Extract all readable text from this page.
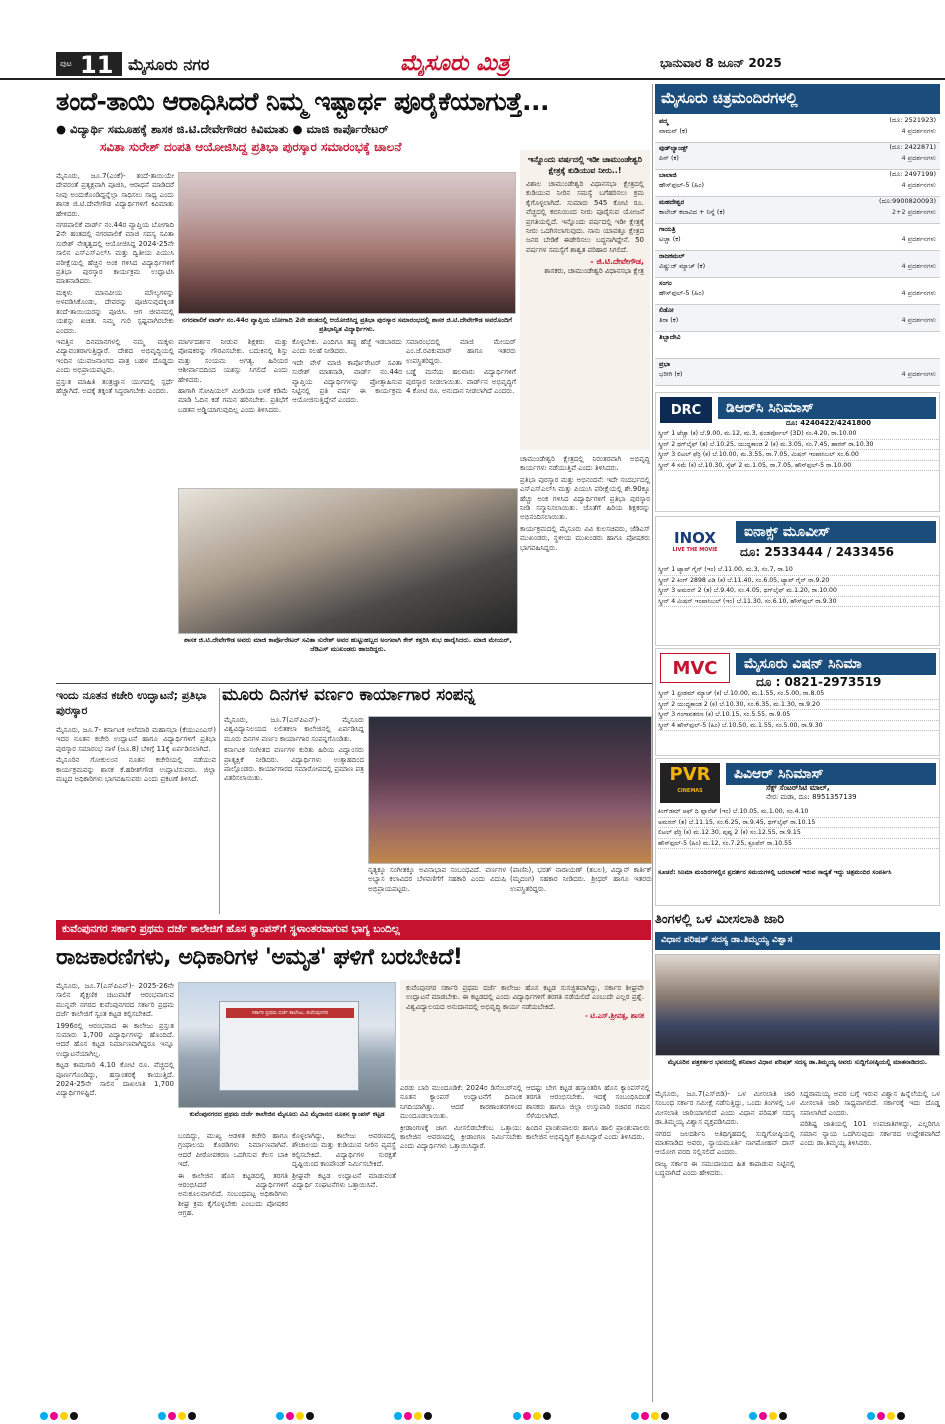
ಪುಟ 11 ಮೈಸೂರು ನಗರ	ಮೈಸೂರು ಮಿತ್ರ	ಭಾನುವಾರ 8 ಜೂನ್ 2025
ತಂದೆ-ತಾಯಿ ಆರಾಧಿಸಿದರೆ ನಿಮ್ಮ ಇಷ್ಟಾರ್ಥ ಪೂರೈಕೆಯಾಗುತ್ತೆ...
● ವಿದ್ಯಾರ್ಥಿ ಸಮೂಹಕ್ಕೆ ಶಾಸಕ ಜಿ.ಟಿ.ದೇವೇಗೌಡರ ಕಿವಿಮಾತು ● ಮಾಜಿ ಕಾರ್ಪೊರೇಟರ್
ಸವಿತಾ ಸುರೇಶ್ ದಂಪತಿ ಆಯೋಜಿಸಿದ್ದ ಪ್ರತಿಭಾ ಪುರಸ್ಕಾರ ಸಮಾರಂಭಕ್ಕೆ ಚಾಲನೆ

ಮೈಸೂರು, ಜೂ.7(ಎಂಕೆ)- ತಂದೆ-ತಾಯಿಯೇ ದೇವರಂತೆ ಪ್ರತ್ಯಕ್ಷವಾಗಿ ಪೂಜಿಸಿ, ಆರಾಧನೆ ಮಾಡಿದರೆ ನೀವು ಅಂದುಕೊಂಡಿದ್ದನ್ನೆಲ್ಲಾ ಸಾಧಿಸಲು ಸಾಧ್ಯ ಎಂದು ಶಾಸಕ ಜಿ.ಟಿ.ದೇವೇಗೌಡ ವಿದ್ಯಾರ್ಥಿಗಳಿಗೆ ಕಿವಿಮಾತು ಹೇಳಿದರು.

ನಗರಪಾಲಿಕೆ ವಾರ್ಡ್ ನಂ.44ರ ವ್ಯಾಪ್ತಿಯ ಬೋಗಾದಿ 2ನೇ ಹಂತದಲ್ಲಿ ನಗರಪಾಲಿಕೆ ಮಾಜಿ ಸದಸ್ಯ ಸವಿತಾ ಸುರೇಶ್ ನೇತೃತ್ವದಲ್ಲಿ ಆಯೋಜಿಸಿದ್ದ 2024-25ನೇ ಸಾಲಿನ ಎಸ್ಎಸ್ಎಲ್‌ಸಿ ಮತ್ತು ದ್ವಿತೀಯ ಪಿಯುಸಿ ಪರೀಕ್ಷೆಯಲ್ಲಿ ಹೆಚ್ಚಿನ ಅಂಕ ಗಳಿಸಿದ ವಿದ್ಯಾರ್ಥಿಗಳಿಗೆ ಪ್ರತಿಭಾ ಪುರಸ್ಕಾರ ಕಾರ್ಯಕ್ರಮ ಉದ್ಘಾಟಿಸಿ ಮಾತನಾಡಿದರು.

ಮಕ್ಕಳು ಮಾನವೀಯ ಮೌಲ್ಯಗಳನ್ನು ಅಳವಡಿಸಿಕೊಂಡು, ದೇವರನ್ನು ಪೂಜಿಸುವುದಕ್ಕಿಂತ ತಂದೆ-ತಾಯಿಯರನ್ನು ಪೂಜಿಸಿ. ಆಗ ಜೀವನದಲ್ಲಿ ಯಶಸ್ಸು ಖಚಿತ. ನಿಮ್ಮ ಗುರಿ ಸ್ಪಷ್ಟವಾಗಿರಬೇಕು ಎಂದರು.

ಇವತ್ತಿನ ದಿನಮಾನಗಳಲ್ಲಿ ನಮ್ಮ ಮಕ್ಕಳು ವಿದ್ಯಾವಂತರಾಗುತ್ತಿದ್ದಾರೆ. ದೇಶದ ಅಭಿವೃದ್ಧಿಯಲ್ಲಿ ಇಂದಿನ ಯುವಜನಾಂಗದ ಪಾತ್ರ ಬಹಳ ದೊಡ್ಡದು ಎಂದು ಅಭಿಪ್ರಾಯಪಟ್ಟರು.

ಪ್ರಸ್ತುತ ಮಾಹಿತಿ ತಂತ್ರಜ್ಞಾನ ಯುಗದಲ್ಲಿ ಸ್ಪರ್ಧೆ ಹೆಚ್ಚಾಗಿದೆ. ಅದಕ್ಕೆ ತಕ್ಕಂತೆ ಸಿದ್ಧರಾಗಬೇಕು ಎಂದರು.

ನಗರಪಾಲಿಕೆ ವಾರ್ಡ್ ನಂ.44ರ ವ್ಯಾಪ್ತಿಯ ಬೋಗಾದಿ 2ನೇ ಹಂತದಲ್ಲಿ ಆಯೋಜಿಸಿದ್ದ ಪ್ರತಿಭಾ ಪುರಸ್ಕಾರ ಸಮಾರಂಭದಲ್ಲಿ ಶಾಸಕ ಜಿ.ಟಿ.ದೇವೇಗೌಡ ಅವರೊಂದಿಗೆ ಪ್ರತಿಭಾನ್ವಿತ ವಿದ್ಯಾರ್ಥಿಗಳು.

ಮಾರ್ಗದರ್ಶನ ನೀಡುವ ಶಿಕ್ಷಕರು ಮತ್ತು ಪೋಷಕರನ್ನು ಗೌರವಿಸಬೇಕು. ಬದುಕಿನಲ್ಲಿ ಶಿಸ್ತು ಮತ್ತು ಸಂಯಮ ಅಗತ್ಯ. ಹಿರಿಯರ ಆಶೀರ್ವಾದದಿಂದ ಯಶಸ್ಸು ಸಿಗಲಿದೆ ಎಂದು ಹೇಳಿದರು.

ಹಾಗಾಗಿ ಸೋಷಿಯಲ್ ಮೀಡಿಯಾ ಬಳಕೆ ಕಡಿಮೆ ಮಾಡಿ ಓದಿನ ಕಡೆ ಗಮನ ಹರಿಸಬೇಕು. ಪ್ರತಿಭೆಗೆ ಬಡತನ ಅಡ್ಡಿಯಾಗುವುದಿಲ್ಲ ಎಂದು ತಿಳಿಸಿದರು.

ಕೊಳ್ಳಬೇಕು. ಎಂದಿಗೂ ತಪ್ಪು ಹೆಜ್ಜೆ ಇಡಬಾರದು ಎಂದು ಸಲಹೆ ನೀಡಿದರು.

ಇದೇ ವೇಳೆ ಮಾಜಿ ಕಾರ್ಪೊರೇಟರ್ ಸವಿತಾ ಸುರೇಶ್ ಮಾತನಾಡಿ, ವಾರ್ಡ್ ನಂ.44ರ ವ್ಯಾಪ್ತಿಯ ವಿದ್ಯಾರ್ಥಿಗಳನ್ನು ಪ್ರೋತ್ಸಾಹಿಸುವ ನಿಟ್ಟಿನಲ್ಲಿ ಪ್ರತಿ ವರ್ಷ ಈ ಕಾರ್ಯಕ್ರಮ ಆಯೋಜಿಸುತ್ತಿದ್ದೇವೆ ಎಂದರು.

ಸಮಾರಂಭದಲ್ಲಿ ಮಾಜಿ ಮೇಯರ್ ಎಂ.ಜೆ.ರವಿಕುಮಾರ್ ಹಾಗೂ ಇತರರು ಉಪಸ್ಥಿತರಿದ್ದರು.

ಬಡ್ಡೆ ಮನೆಯ ಹಲವಾರು ವಿದ್ಯಾರ್ಥಿಗಳಿಗೆ ಪುರಸ್ಕಾರ ನೀಡಲಾಯಿತು. ವಾರ್ಡ್‌ನ ಅಭಿವೃದ್ಧಿಗೆ 4 ಕೋಟಿ ರೂ. ಅನುದಾನ ನೀಡಲಾಗಿದೆ ಎಂದರು.

ಇನ್ನೊಂದು ವರ್ಷದಲ್ಲಿ ಇಡೀ ಚಾಮುಂಡೇಶ್ವರಿ ಕ್ಷೇತ್ರಕ್ಕೆ ಕುಡಿಯುವ ನೀರು..!
ವಿಶಾಲ ಚಾಮುಂಡೇಶ್ವರಿ ವಿಧಾನಸಭಾ ಕ್ಷೇತ್ರದಲ್ಲಿ ಕುಡಿಯುವ ನೀರಿನ ಸಮಸ್ಯೆ ಬಗೆಹರಿಸಲು ಕ್ರಮ ಕೈಗೊಳ್ಳಲಾಗಿದೆ. ಸುಮಾರು 545 ಕೋಟಿ ರೂ. ವೆಚ್ಚದಲ್ಲಿ ಕಬಿನಿಯಿಂದ ನೀರು ಪೂರೈಸುವ ಯೋಜನೆ ಪ್ರಗತಿಯಲ್ಲಿದೆ. ಇನ್ನೊಂದು ವರ್ಷದಲ್ಲಿ ಇಡೀ ಕ್ಷೇತ್ರಕ್ಕೆ ನೀರು ಒದಗಿಸಲಾಗುವುದು. ನಾನು ಯಾವತ್ತೂ ಕ್ಷೇತ್ರದ ಜನರ ಬೇಡಿಕೆ ಈಡೇರಿಸಲು ಬದ್ಧನಾಗಿದ್ದೇನೆ. 50 ವರ್ಷಗಳ ಸಮಸ್ಯೆಗೆ ಶಾಶ್ವತ ಪರಿಹಾರ ಸಿಗಲಿದೆ.
- ಜಿ.ಟಿ.ದೇವೇಗೌಡ,
ಶಾಸಕರು, ಚಾಮುಂಡೇಶ್ವರಿ ವಿಧಾನಸಭಾ ಕ್ಷೇತ್ರ

ಚಾಮುಂಡೇಶ್ವರಿ ಕ್ಷೇತ್ರದಲ್ಲಿ ನಿರಂತರವಾಗಿ ಅಭಿವೃದ್ಧಿ ಕಾರ್ಯಗಳು ನಡೆಯುತ್ತಿವೆ ಎಂದು ತಿಳಿಸಿದರು.

ಪ್ರತಿಭಾ ಪುರಸ್ಕಾರ ಮತ್ತು ಅಭಿನಂದನೆ: ಇದೇ ಸಂದರ್ಭದಲ್ಲಿ ಎಸ್ಎಸ್ಎಲ್‌ಸಿ ಮತ್ತು ಪಿಯುಸಿ ಪರೀಕ್ಷೆಯಲ್ಲಿ ಶೇ.90ಕ್ಕೂ ಹೆಚ್ಚು ಅಂಕ ಗಳಿಸಿದ ವಿದ್ಯಾರ್ಥಿಗಳಿಗೆ ಪ್ರತಿಭಾ ಪುರಸ್ಕಾರ ನೀಡಿ ಸನ್ಮಾನಿಸಲಾಯಿತು. ಜೊತೆಗೆ ಹಿರಿಯ ಶಿಕ್ಷಕರನ್ನು ಅಭಿನಂದಿಸಲಾಯಿತು.

ಕಾರ್ಯಕ್ರಮದಲ್ಲಿ ಮೈಸೂರು ವಿವಿ ಕುಲಸಚಿವರು, ಜೆಡಿಎಸ್ ಮುಖಂಡರು, ಸ್ಥಳೀಯ ಮುಖಂಡರು ಹಾಗೂ ಪೋಷಕರು ಭಾಗವಹಿಸಿದ್ದರು.

ಶಾಸಕ ಜಿ.ಟಿ.ದೇವೇಗೌಡ ಅವರು ಮಾಜಿ ಕಾರ್ಪೊರೇಟರ್ ಸವಿತಾ ಸುರೇಶ್ ಅವರ ಹುಟ್ಟುಹಬ್ಬದ ಅಂಗವಾಗಿ ಕೇಕ್ ಕತ್ತರಿಸಿ ಶುಭ ಹಾರೈಸಿದರು. ಮಾಜಿ ಮೇಯರ್, ಜೆಡಿಎಸ್ ಮುಖಂಡರು ಹಾಜರಿದ್ದರು.
ಇಂದು ನೂತನ ಕಚೇರಿ ಉದ್ಘಾಟನೆ; ಪ್ರತಿಭಾ ಪುರಸ್ಕಾರ

ಮೈಸೂರು, ಜೂ.7- ಕರ್ನಾಟಕ ಅಲೆಮಾರಿ ಮಹಾಸಭಾ (ಕೆಯುಎಂಎಸ್) ಇದರ ನೂತನ ಕಚೇರಿ ಉದ್ಘಾಟನೆ ಹಾಗೂ ವಿದ್ಯಾರ್ಥಿಗಳಿಗೆ ಪ್ರತಿಭಾ ಪುರಸ್ಕಾರ ಸಮಾರಂಭ ನಾಳೆ (ಜೂ.8) ಬೆಳಿಗ್ಗೆ 11ಕ್ಕೆ ಏರ್ಪಡಿಸಲಾಗಿದೆ.

ಮೈಸೂರಿನ ಗೋಕುಲಂನ ನೂತನ ಕಚೇರಿಯಲ್ಲಿ ನಡೆಯುವ ಕಾರ್ಯಕ್ರಮವನ್ನು ಶಾಸಕ ಕೆ.ಹರೀಶ್‌ಗೌಡ ಉದ್ಘಾಟಿಸುವರು. ಜಿಲ್ಲಾ ಮಟ್ಟದ ಅಧಿಕಾರಿಗಳು ಭಾಗವಹಿಸುವರು ಎಂದು ಪ್ರಕಟಣೆ ತಿಳಿಸಿದೆ.

ಮೂರು ದಿನಗಳ ವರ್ಣಂ ಕಾರ್ಯಾಗಾರ ಸಂಪನ್ನ

ಮೈಸೂರು, ಜೂ.7(ಎಸ್‌ಪಿಎನ್)- ಮೈಸೂರು ವಿಶ್ವವಿದ್ಯಾನಿಲಯದ ಲಲಿತಕಲಾ ಕಾಲೇಜಿನಲ್ಲಿ ಏರ್ಪಡಿಸಿದ್ದ ಮೂರು ದಿನಗಳ ವರ್ಣಂ ಕಾರ್ಯಾಗಾರ ಸಂಪನ್ನಗೊಂಡಿತು.

ಕರ್ನಾಟಕ ಸಂಗೀತದ ವರ್ಣಗಳ ಕುರಿತು ಹಿರಿಯ ವಿದ್ವಾಂಸರು ಪ್ರಾತ್ಯಕ್ಷಿಕೆ ನೀಡಿದರು. ವಿದ್ಯಾರ್ಥಿಗಳು ಉತ್ಸಾಹದಿಂದ ಪಾಲ್ಗೊಂಡರು. ಕಾರ್ಯಾಗಾರದ ಸಮಾರೋಪದಲ್ಲಿ ಪ್ರಮಾಣ ಪತ್ರ ವಿತರಿಸಲಾಯಿತು.

ನೃತ್ಯಕ್ಕೂ ಸಂಗೀತಕ್ಕೂ ಅವಿನಾಭಾವ ಸಂಬಂಧವಿದೆ. ವರ್ಣಗಳ ಅಭ್ಯಾಸ ಕಲಾವಿದರ ಬೆಳವಣಿಗೆಗೆ ಸಹಕಾರಿ ಎಂದು ವಿದುಷಿ ಅಭಿಪ್ರಾಯಪಟ್ಟರು.

(ಪಾಣಿನಿ), ಭರತ್ ನಾರಾಯಣ್ (ತಬಲ), ವಿದ್ವಾನ್ ಕಾರ್ತಿಕ್ (ಮೃದಂಗ) ಸಹಕಾರ ನೀಡಿದರು. ಶ್ರೀಧರ್ ಹಾಗೂ ಇತರರು ಉಪಸ್ಥಿತರಿದ್ದರು.

ಕುವೆಂಪುನಗರ ಸರ್ಕಾರಿ ಪ್ರಥಮ ದರ್ಜೆ ಕಾಲೇಜಿಗೆ ಹೊಸ ಕ್ಯಾಂಪಸ್‌ಗೆ ಸ್ಥಳಾಂತರವಾಗುವ ಭಾಗ್ಯ ಬಂದಿಲ್ಲ
ರಾಜಕಾರಣಿಗಳು, ಅಧಿಕಾರಿಗಳ 'ಅಮೃತ' ಘಳಿಗೆ ಬರಬೇಕಿದೆ!

ಮೈಸೂರು, ಜೂ.7(ಎಸ್‌ಪಿಎನ್)- 2025-26ನೇ ಸಾಲಿನ ಶೈಕ್ಷಣಿಕ ಚಟುವಟಿಕೆ ಆರಂಭವಾಗುವ ಮುನ್ನವೇ ನಗರದ ಕುವೆಂಪುನಗರದ ಸರ್ಕಾರಿ ಪ್ರಥಮ ದರ್ಜೆ ಕಾಲೇಜಿಗೆ ಸ್ವಂತ ಕಟ್ಟಡ ಕಲ್ಪಿಸಬೇಕಿದೆ.

1996ರಲ್ಲಿ ಆರಂಭವಾದ ಈ ಕಾಲೇಜು ಪ್ರಸ್ತುತ ಸುಮಾರು 1,700 ವಿದ್ಯಾರ್ಥಿಗಳನ್ನು ಹೊಂದಿದೆ. ಆದರೆ ಹೊಸ ಕಟ್ಟಡ ನಿರ್ಮಾಣವಾಗಿದ್ದರೂ ಇನ್ನೂ ಉದ್ಘಾಟನೆಯಾಗಿಲ್ಲ.

ಕಟ್ಟಡ ಕಾಮಗಾರಿ 4.10 ಕೋಟಿ ರೂ. ವೆಚ್ಚದಲ್ಲಿ ಪೂರ್ಣಗೊಂಡಿದ್ದು, ಹಸ್ತಾಂತರಕ್ಕೆ ಕಾಯುತ್ತಿದೆ. 2024-25ನೇ ಸಾಲಿನ ದಾಖಲಾತಿ 1,700 ವಿದ್ಯಾರ್ಥಿಗಳಷ್ಟಿದೆ.

ಸರ್ಕಾರಿ ಪ್ರಥಮ ದರ್ಜೆ ಕಾಲೇಜು, ಕುವೆಂಪುನಗರ
ಕುವೆಂಪುನಗರದ ಪ್ರಥಮ ದರ್ಜೆ ಕಾಲೇಜಿನ ಮೈಸೂರು ವಿವಿ ಮೈದಾನದ ನೂತನ ಕ್ಯಾಂಪಸ್ ಕಟ್ಟಡ
ಕುವೆಂಪುನಗರ ಸರ್ಕಾರಿ ಪ್ರಥಮ ದರ್ಜೆ ಕಾಲೇಜು ಹೊಸ ಕಟ್ಟಡ ಸುಸಜ್ಜಿತವಾಗಿದ್ದು, ಸರ್ಕಾರ ಶೀಘ್ರವೇ ಉದ್ಘಾಟನೆ ಮಾಡಬೇಕು. ಈ ಕಟ್ಟಡದಲ್ಲಿ ಎಂದು ವಿದ್ಯಾರ್ಥಿಗಳಿಗೆ ತರಗತಿ ನಡೆಯಲಿದೆ ಎಂಬುದೇ ಎಲ್ಲರ ಪ್ರಶ್ನೆ. ವಿಶ್ವವಿದ್ಯಾಲಯದ ಅನುದಾನದಲ್ಲಿ ಅಭಿವೃದ್ಧಿ ಕಾರ್ಯ ನಡೆಯಬೇಕಿದೆ.
- ಟಿ.ಎಸ್.ಶ್ರೀವತ್ಸ, ಶಾಸಕ

ಬಂದಿದ್ದು, ಮುಖ್ಯ ಆಡಳಿತ ಕಚೇರಿ ಹಾಗೂ ಗ್ರಂಥಾಲಯ ಕೊಠಡಿಗಳು ನಿರ್ಮಾಣವಾಗಿವೆ. ಆದರೆ ಪೀಠೋಪಕರಣ ಒದಗಿಸುವ ಕೆಲಸ ಬಾಕಿ ಇದೆ.

ಈ ಕಾಲೇಜಿನ ಹೊಸ ಕಟ್ಟಡದಲ್ಲಿ ತರಗತಿ ಆರಂಭಿಸಿದರೆ ವಿದ್ಯಾರ್ಥಿಗಳಿಗೆ ಅನುಕೂಲವಾಗಲಿದೆ. ಸಂಬಂಧಪಟ್ಟ ಅಧಿಕಾರಿಗಳು ಶೀಘ್ರ ಕ್ರಮ ಕೈಗೊಳ್ಳಬೇಕು ಎಂಬುದು ಪೋಷಕರ ಆಗ್ರಹ.

ಕೊಳ್ಳಲಾಗಿದ್ದು, ಕಾಲೇಜು ಆವರಣದಲ್ಲಿ ಶೌಚಾಲಯ ಮತ್ತು ಕುಡಿಯುವ ನೀರಿನ ವ್ಯವಸ್ಥೆ ಕಲ್ಪಿಸಬೇಕಿದೆ. ವಿದ್ಯಾರ್ಥಿಗಳ ಸುರಕ್ಷತೆ ದೃಷ್ಟಿಯಿಂದ ಕಾಂಪೌಂಡ್ ನಿರ್ಮಿಸಬೇಕಿದೆ.

ಶ್ರೀಘ್ರವೇ ಕಟ್ಟಡ ಉದ್ಘಾಟನೆ ಮಾಡುವಂತೆ ವಿದ್ಯಾರ್ಥಿ ಸಂಘಟನೆಗಳು ಒತ್ತಾಯಿಸಿವೆ.

ಎರಡು ಬಾರಿ ಮುಂದೂಡಿಕೆ: 2024ರ ಡಿಸೆಂಬರ್‌ನಲ್ಲಿ ನೂತನ ಕ್ಯಾಂಪಸ್ ಉದ್ಘಾಟನೆಗೆ ದಿನಾಂಕ ನಿಗದಿಯಾಗಿತ್ತು. ಆದರೆ ಕಾರಣಾಂತರಗಳಿಂದ ಮುಂದೂಡಲಾಯಿತು.

ಕ್ರೀಡಾಂಗಣಕ್ಕೆ ಜಾಗ ಮೀಸಲಿಡಬೇಕೆಂಬ ಒತ್ತಾಯ: ಕಾಲೇಜಿನ ಆವರಣದಲ್ಲಿ ಕ್ರೀಡಾಂಗಣ ನಿರ್ಮಿಸಬೇಕು ಎಂದು ವಿದ್ಯಾರ್ಥಿಗಳು ಒತ್ತಾಯಿಸಿದ್ದಾರೆ.

ಆದಷ್ಟು ಬೇಗ ಕಟ್ಟಡ ಹಸ್ತಾಂತರಿಸಿ ಹೊಸ ಕ್ಯಾಂಪಸ್‌ನಲ್ಲಿ ತರಗತಿ ಆರಂಭಿಸಬೇಕು. ಇದಕ್ಕೆ ಸಂಬಂಧಿಸಿದಂತೆ ಶಾಸಕರು ಹಾಗೂ ಜಿಲ್ಲಾ ಉಸ್ತುವಾರಿ ಸಚಿವರ ಗಮನ ಸೆಳೆಯಲಾಗಿದೆ.

ಹಿಂದಿನ ಪ್ರಾಂಶುಪಾಲರು ಹಾಗೂ ಹಾಲಿ ಪ್ರಾಂಶುಪಾಲರು ಕಾಲೇಜಿನ ಅಭಿವೃದ್ಧಿಗೆ ಶ್ರಮಿಸಿದ್ದಾರೆ ಎಂದು ತಿಳಿಸಿದರು.

ಮೈಸೂರು ಚಿತ್ರಮಂದಿರಗಳಲ್ಲಿ
ಪದ್ಮ	(ದೂ: 2521923)
ವಾಮನ್ (ಕ)	4 ಪ್ರದರ್ಶನಗಳು
ವುಡ್‌ಲ್ಯಾಂಡ್ಸ್	(ದೂ: 2422871)
ಪಿನ್ (ಕ)	4 ಪ್ರದರ್ಶನಗಳು
ಬಾಲಾಜಿ	(ದೂ: 2497199)
ಹೌಸ್‌ಫುಲ್-5 (ಹಿಂ)	4 ಪ್ರದರ್ಶನಗಳು
ಮಹದೇಶ್ವರ	(ದೂ:9900820093)
ಕಾಲೇಜ್ ಕಲಾವಿದ + ನಿನ್ನೆ (ಕ)	2+2 ಪ್ರದರ್ಶನಗಳು
ಗಾಯತ್ರಿ
ಟಚ್ಚಾ (ಕ)	4 ಪ್ರದರ್ಶನಗಳು
ರಾಜಕಮಲ್
ವಿಷ್ಣುಜ್ ಮ್ಯಾಚ್ (ಕ)	4 ಪ್ರದರ್ಶನಗಳು
ಸಂಗಂ
ಹೌಸ್‌ಫುಲ್-5 (ಹಿಂ)	4 ಪ್ರದರ್ಶನಗಳು
ಲಿಡೋ
ತಿರಾ (ಕ)	4 ಪ್ರದರ್ಶನಗಳು
ತಿಬ್ಬಾದೇವಿ
ಪ್ರಭಾ
ಭರೀಗಿ (ಕ)	4 ಪ್ರದರ್ಶನಗಳು
DRC	ಡಿಆರ್‌ಸಿ ಸಿನಿಮಾಸ್
ದೂ: 4240422/4241800
ಸ್ಕ್ರೀನ್ 1 ಟೆಚ್ಚಾ (ಕ) ಬೆ.9.00, ಮ.12, ಮ.3, ಫಂಡರ್ಪೋಲ್ (3D) ಸಂ.4.20, ರಾ.10.00
ಸ್ಕ್ರೀನ್ 2 ಥಗ್‌ಲೈಫ್ (ತ) ಬೆ.10.25, ಯುದ್ಧಕಾಂಡ 2 (ಕ) ಮ.3.05, ಸಂ.7.45, ಹಾರರ್ ರಾ.10.30
ಸ್ಕ್ರೀನ್ 3 ಲಿಟಲ್ ಫೆರ್ರಿ (ಕ) ಬೆ.10.00, ಮ.3.55, ರಾ.7.05, ಮಿಷನ್ ಇಂಪಾಸಿಬಲ್ ಸಂ.6.00
ಸ್ಕ್ರೀನ್ 4 ಸಮೆ (ಕ) ಬೆ.10.30, ಸ್ಕೆಟ್ 2 ಮ.1.05, ರಾ.7.05, ಹೌಸ್‌ಫುಲ್-5 ರಾ.10.00
INOX
LIVE THE MOVIE
ಐನಾಕ್ಸ್ ಮೂವೀಸ್
ದೂ: 2533444 / 2433456
ಸ್ಕ್ರೀನ್ 1 ಟ್ಯಾಪ್ ಗೈನ್ (ಇಂ) ಬೆ.11.00, ಮ.3, ಸಂ.7, ರಾ.10
ಸ್ಕ್ರೀನ್ 2 ಕಿಂಗ್ 2898 ಎಡಿ (ಕ) ಬೆ.11.40, ಸಂ.6.05, ಟ್ಯಾಪ್ ಗೈನ್ ರಾ.9.20
ಸ್ಕ್ರೀನ್ 3 ಅಮರನ್ 2 (ತ) ಬೆ.9.40, ಸಂ.4.05, ಥಗ್‌ಲೈಫ್ ಮ.1.20, ರಾ.10.00
ಸ್ಕ್ರೀನ್ 4 ಮಿಷನ್ ಇಂಪಾಸಿಬಲ್ (ಇಂ) ಬೆ.11.30, ಸಂ.6.10, ಹೌಸ್‌ಫುಲ್ ರಾ.9.30
MVC	ಮೈಸೂರು ವಿಷನ್ ಸಿನಿಮಾ
ದೂ : 0821-2973519
ಸ್ಕ್ರೀನ್ 1 ಫ್ರೀಡಮ್ ಮ್ಯಾಚ್ (ಕ) ಬೆ.10.00, ಮ.1.55, ಸಂ.5.00, ರಾ.8.05
ಸ್ಕ್ರೀನ್ 2 ಯುದ್ಧಕಾಂಡ 2 (ಕ) ಬೆ.10.30, ಸಂ.6.35, ಮ.1.30, ರಾ.9.20
ಸ್ಕ್ರೀನ್ 3 ಗಂಗಾವತರಣ (ಕ) ಬೆ.10.15, ಸಂ.5.55, ರಾ.9.05
ಸ್ಕ್ರೀನ್ 4 ಹೌಸ್‌ಫುಲ್-5 (ಹಿಂ) ಬೆ.10.50, ಮ.1.55, ಸಂ.5.00, ರಾ.9.30
PVR
CINEMAS
ಪಿವಿಆರ್ ಸಿನಿಮಾಸ್
ಸೆಕ್ಸ್ ಸೆಂಟರ್‌ಸಿಟಿ ಮಾಲ್,
ನೇರ: ಮಡಾ, ದೂ: 8951357139
ಕಿಂಗ್‌ಡಮ್ ಆಫ್ ದಿ ಪ್ಲಾನೆಟ್ (ಇಂ) ಬೆ.10.05, ಮ.1.00, ಸಂ.4.10
ಅಮರನ್ (ತ) ಬೆ.11.15, ಸಂ.6.25, ರಾ.9.45, ಥಗ್‌ಲೈಫ್ ರಾ.10.15
ಲಿಟಲ್ ಫೆರ್ರಿ (ಕ) ಮ.12.30, ಪುಷ್ಪ 2 (ಕ) ಸಂ.12.55, ರಾ.9.15
ಹೌಸ್‌ಫುಲ್-5 (ಹಿಂ) ಮ.12, ಸಂ.7.25, ಕ್ರೂಪೆನ್ ರಾ.10.55
ಸೂಚನೆ: ಸಿನಿಮಾ ಮಂದಿರಗಳಲ್ಲಿನ ಪ್ರದರ್ಶನ ಸಮಯಗಳಲ್ಲಿ ಬದಲಾವಣೆ ಇರುವ ಸಾಧ್ಯತೆ ಇದ್ದು ಚಿತ್ರಮಂದಿರ ಸಂಪರ್ಕಿಸಿ
ತಿಂಗಳಲ್ಲಿ ಒಳ ಮೀಸಲಾತಿ ಜಾರಿ
ವಿಧಾನ ಪರಿಷತ್ ಸದಸ್ಯ ಡಾ.ತಿಮ್ಮಯ್ಯ ವಿಶ್ವಾಸ
ಮೈಸೂರಿನ ಪತ್ರಕರ್ತರ ಭವನದಲ್ಲಿ ಶನಿವಾರ ವಿಧಾನ ಪರಿಷತ್ ಸದಸ್ಯ ಡಾ.ತಿಮ್ಮಯ್ಯ ಅವರು ಸುದ್ದಿಗೋಷ್ಠಿಯಲ್ಲಿ ಮಾತನಾಡಿದರು.

ಮೈಸೂರು, ಜೂ.7(ಎಸ್‌ಬಿಡಿ)- ಒಳ ಮೀಸಲಾತಿ ಜಾರಿ ಸಂಬಂಧ ಸರ್ಕಾರ ಸಮೀಕ್ಷೆ ನಡೆಸುತ್ತಿದ್ದು, ಒಂದು ತಿಂಗಳಲ್ಲಿ ಒಳ ಮೀಸಲಾತಿ ಜಾರಿಯಾಗಲಿದೆ ಎಂದು ವಿಧಾನ ಪರಿಷತ್ ಸದಸ್ಯ ಡಾ.ತಿಮ್ಮಯ್ಯ ವಿಶ್ವಾಸ ವ್ಯಕ್ತಪಡಿಸಿದರು.

ನಗರದ ಜಲದರ್ಶಿನಿ ಅತಿಥಿಗೃಹದಲ್ಲಿ ಸುದ್ದಿಗೋಷ್ಠಿಯಲ್ಲಿ ಮಾತನಾಡಿದ ಅವರು, ನ್ಯಾಯಮೂರ್ತಿ ನಾಗಮೋಹನ್ ದಾಸ್ ಆಯೋಗ ವರದಿ ಸಲ್ಲಿಸಲಿದೆ ಎಂದರು.

ರಾಜ್ಯ ಸರ್ಕಾರ ಈ ಸಮುದಾಯದ ಹಿತ ಕಾಪಾಡುವ ನಿಟ್ಟಿನಲ್ಲಿ ಬದ್ಧವಾಗಿದೆ ಎಂದು ಹೇಳಿದರು.

ಸಿದ್ದರಾಮಯ್ಯ ಅವರ ಬಗ್ಗೆ ಇರುವ ವಿಶ್ವಾಸ ಹಿನ್ನೆಲೆಯಲ್ಲಿ ಒಳ ಮೀಸಲಾತಿ ಜಾರಿ ಸಾಧ್ಯವಾಗಲಿದೆ. ಸರ್ಕಾರಕ್ಕೆ ಇದು ದೊಡ್ಡ ಸವಾಲಾಗಿದೆ ಎಂದರು.

ಪರಿಶಿಷ್ಟ ಜಾತಿಯಲ್ಲಿ 101 ಉಪಜಾತಿಗಳಿದ್ದು, ಎಲ್ಲರಿಗೂ ಸಮಾನ ನ್ಯಾಯ ಒದಗಿಸುವುದು ಸರ್ಕಾರದ ಉದ್ದೇಶವಾಗಿದೆ ಎಂದು ಡಾ.ತಿಮ್ಮಯ್ಯ ತಿಳಿಸಿದರು.
